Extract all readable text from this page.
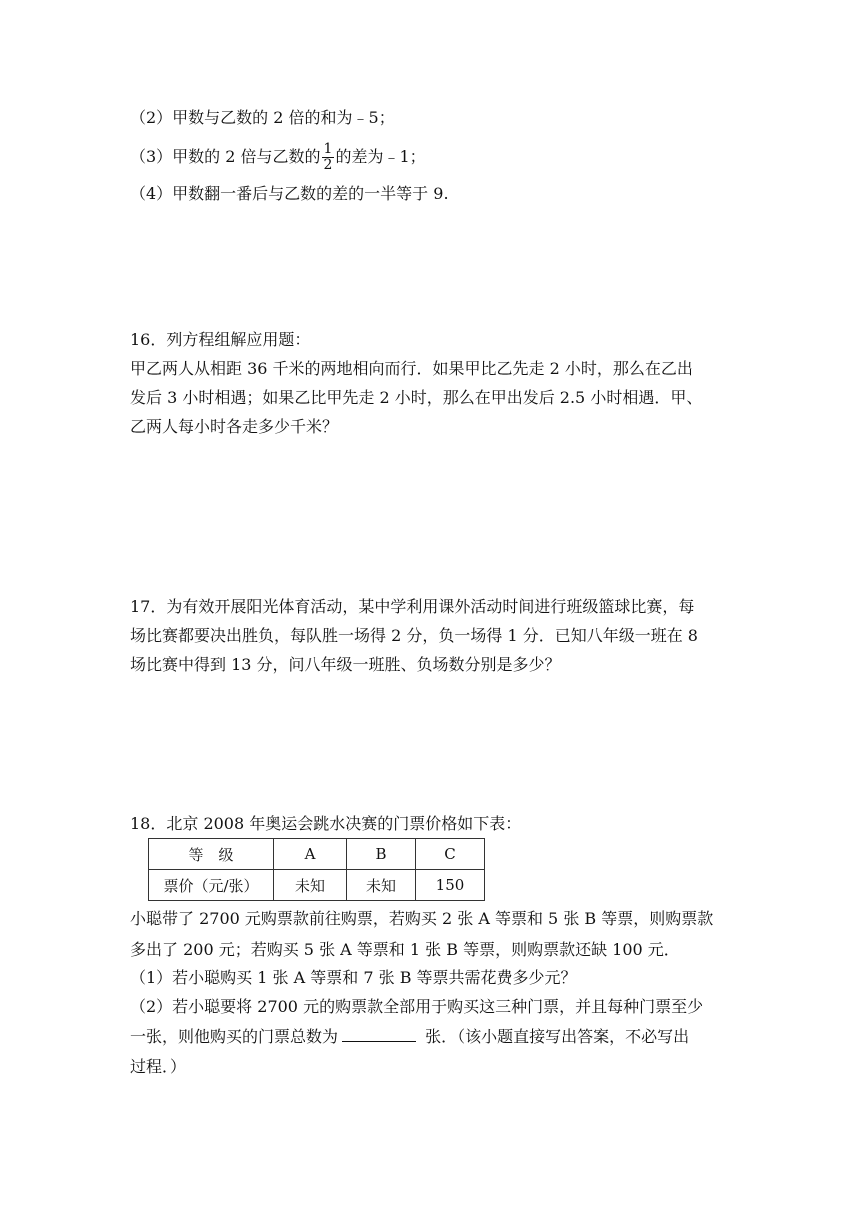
（2）甲数与乙数的 2 倍的和为﹣5；
（3）甲数的 2 倍与乙数的 $\frac{1}{2}$ 的差为﹣1；
（4）甲数翻一番后与乙数的差的一半等于 9.
16．列方程组解应用题：
甲乙两人从相距 36 千米的两地相向而行．如果甲比乙先走 2 小时，那么在乙出
发后 3 小时相遇；如果乙比甲先走 2 小时，那么在甲出发后 2.5 小时相遇．甲、
乙两人每小时各走多少千米？
17．为有效开展阳光体育活动，某中学利用课外活动时间进行班级篮球比赛，每
场比赛都要决出胜负，每队胜一场得 2 分，负一场得 1 分．已知八年级一班在 8
场比赛中得到 13 分，问八年级一班胜、负场数分别是多少？
18．北京 2008 年奥运会跳水决赛的门票价格如下表：
等　级	A	B	C
票价（元/张）	未知	未知	150
小聪带了 2700 元购票款前往购票，若购买 2 张 A 等票和 5 张 B 等票，则购票款
多出了 200 元；若购买 5 张 A 等票和 1 张 B 等票，则购票款还缺 100 元．
（1）若小聪购买 1 张 A 等票和 7 张 B 等票共需花费多少元？
（2）若小聪要将 2700 元的购票款全部用于购买这三种门票，并且每种门票至少
一张，则他购买的门票总数为	张．（该小题直接写出答案，不必写出
过程．）
